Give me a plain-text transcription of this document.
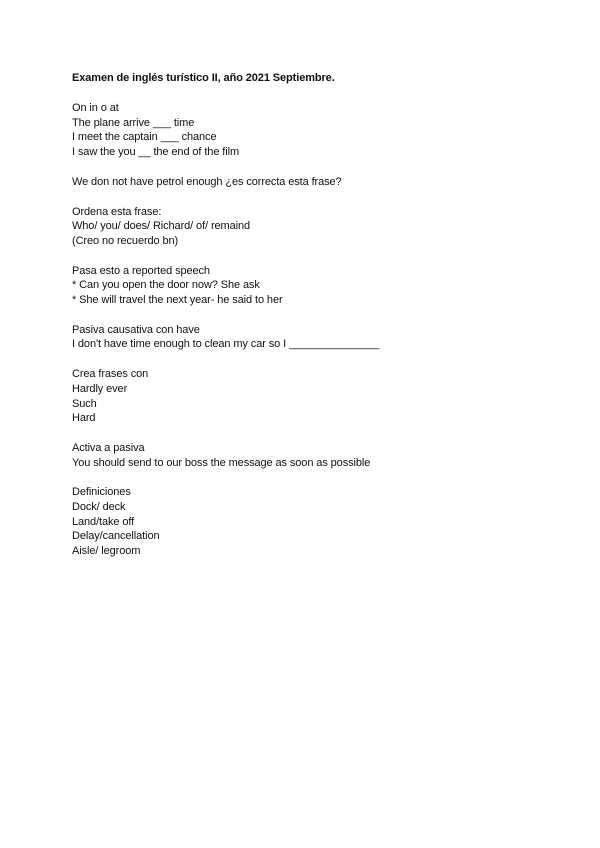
Examen de inglés turístico II, año 2021 Septiembre.
On in o at
The plane arrive ___ time
I meet the captain ___ chance
I saw the you __ the end of the film
We don not have petrol enough ¿es correcta esta frase?
Ordena esta frase:
Who/ you/ does/ Richard/ of/ remaind
(Creo no recuerdo bn)
Pasa esto a reported speech
* Can you open the door now? She ask
* She will travel the next year- he said to her
Pasiva causativa con have
I don't have time enough to clean my car so I _______________
Crea frases con
Hardly ever
Such
Hard
Activa a pasiva
You should send to our boss the message as soon as possible
Definiciones
Dock/ deck
Land/take off
Delay/cancellation
Aisle/ legroom
